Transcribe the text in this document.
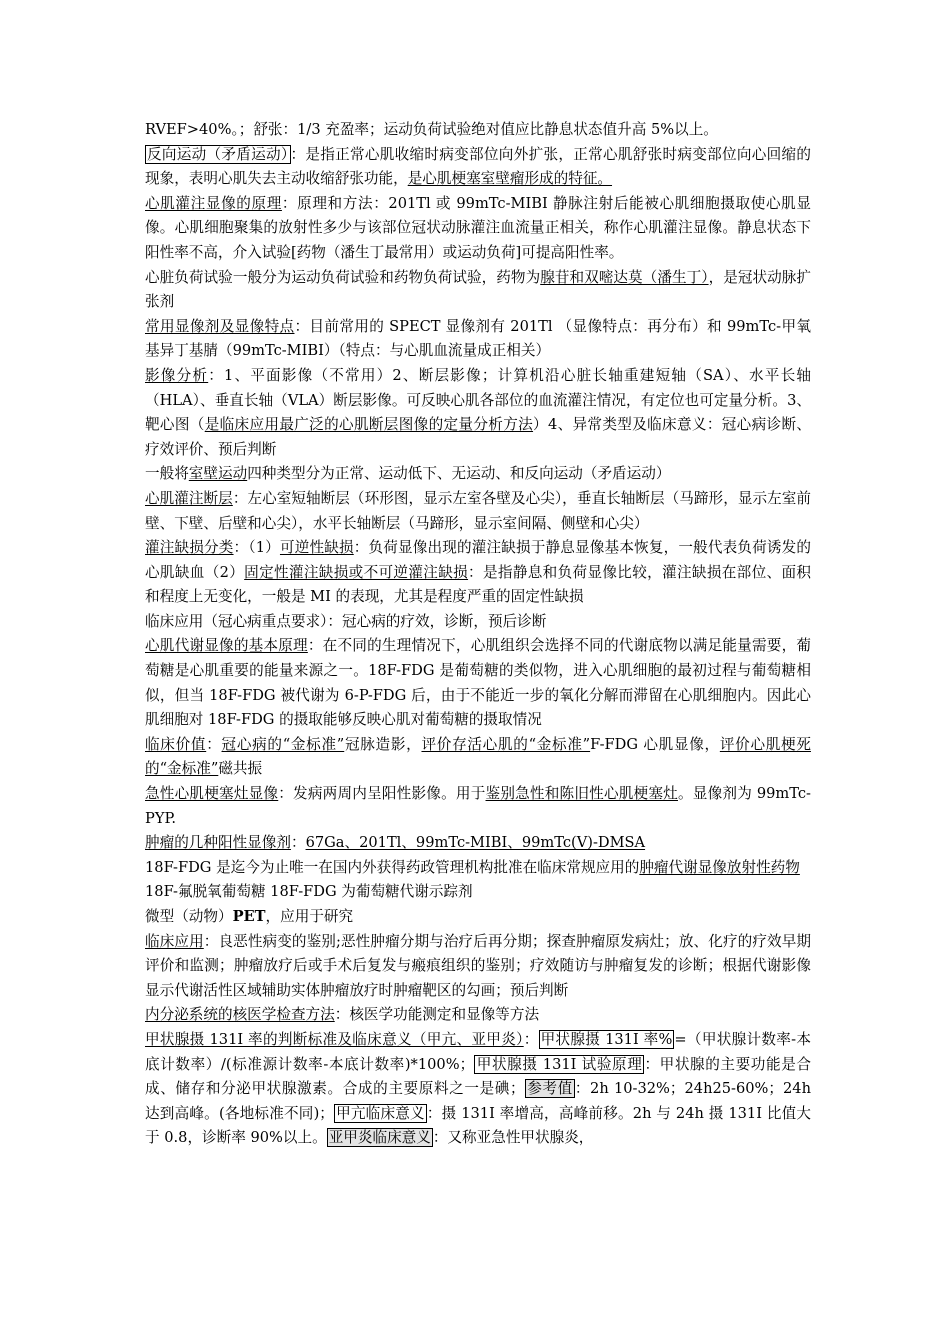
RVEF>40%。；舒张：1/3 充盈率；运动负荷试验绝对值应比静息状态值升高 5%以上。

反向运动（矛盾运动） ：是指正常心肌收缩时病变部位向外扩张，正常心肌舒张时病变部位向心回缩的现象，表明心肌失去主动收缩舒张功能，是心肌梗塞室壁瘤形成的特征。

心肌灌注显像的原理：原理和方法：201Tl 或 99mTc-MIBI 静脉注射后能被心肌细胞摄取使心肌显像。心肌细胞聚集的放射性多少与该部位冠状动脉灌注血流量正相关，称作心肌灌注显像。静息状态下阳性率不高，介入试验[药物（潘生丁最常用）或运动负荷]可提高阳性率。

心脏负荷试验一般分为运动负荷试验和药物负荷试验，药物为腺苷和双嘧达莫（潘生丁），是冠状动脉扩张剂

常用显像剂及显像特点：目前常用的 SPECT 显像剂有 201Tl （显像特点：再分布）和 99mTc-甲氧基异丁基腈（99mTc-MIBI）（特点：与心肌血流量成正相关）

影像分析：1、平面影像（不常用）2、断层影像；计算机沿心脏长轴重建短轴（SA）、水平长轴（HLA）、垂直长轴（VLA）断层影像。可反映心肌各部位的血流灌注情况，有定位也可定量分析。3、靶心图（是临床应用最广泛的心肌断层图像的定量分析方法）4、异常类型及临床意义：冠心病诊断、疗效评价、预后判断

一般将室壁运动四种类型分为正常、运动低下、无运动、和反向运动（矛盾运动）

心肌灌注断层：左心室短轴断层（环形图，显示左室各壁及心尖），垂直长轴断层（马蹄形，显示左室前壁、下壁、后壁和心尖），水平长轴断层（马蹄形，显示室间隔、侧壁和心尖）

灌注缺损分类：（1）可逆性缺损：负荷显像出现的灌注缺损于静息显像基本恢复，一般代表负荷诱发的心肌缺血（2）固定性灌注缺损或不可逆灌注缺损：是指静息和负荷显像比较，灌注缺损在部位、面积和程度上无变化，一般是 MI 的表现，尤其是程度严重的固定性缺损

临床应用（冠心病重点要求）：冠心病的疗效，诊断，预后诊断

心肌代谢显像的基本原理：在不同的生理情况下，心肌组织会选择不同的代谢底物以满足能量需要，葡萄糖是心肌重要的能量来源之一。18F-FDG 是葡萄糖的类似物，进入心肌细胞的最初过程与葡萄糖相似，但当 18F-FDG 被代谢为 6-P-FDG 后，由于不能近一步的氧化分解而滞留在心肌细胞内。因此心肌细胞对 18F-FDG 的摄取能够反映心肌对葡萄糖的摄取情况

临床价值：冠心病的“金标准”冠脉造影，评价存活心肌的“金标准”F-FDG 心肌显像，评价心肌梗死的“金标准”磁共振

急性心肌梗塞灶显像：发病两周内呈阳性影像。用于鉴别急性和陈旧性心肌梗塞灶。显像剂为 99mTc-PYP.

肿瘤的几种阳性显像剂：67Ga、201Tl、99mTc-MIBI、99mTc(V)-DMSA

18F-FDG 是迄今为止唯一在国内外获得药政管理机构批准在临床常规应用的肿瘤代谢显像放射性药物

18F-氟脱氧葡萄糖 18F-FDG 为葡萄糖代谢示踪剂

微型（动物）PET，应用于研究

临床应用：良恶性病变的鉴别;恶性肿瘤分期与治疗后再分期；探查肿瘤原发病灶；放、化疗的疗效早期评价和监测；肿瘤放疗后或手术后复发与瘢痕组织的鉴别；疗效随访与肿瘤复发的诊断；根据代谢影像显示代谢活性区域辅助实体肿瘤放疗时肿瘤靶区的勾画；预后判断

内分泌系统的核医学检查方法：核医学功能测定和显像等方法

甲状腺摄 131I 率的判断标准及临床意义（甲亢、亚甲炎）： 甲状腺摄 131I 率% =（甲状腺计数率-本底计数率）/(标准源计数率-本底计数率)*100%； 甲状腺摄 131I 试验原理 ：甲状腺的主要功能是合成、储存和分泌甲状腺激素。合成的主要原料之一是碘； 参考值 ：2h 10-32%；24h25-60%；24h 达到高峰。(各地标准不同)； 甲亢临床意义 ：摄 131I 率增高，高峰前移。2h 与 24h 摄 131I 比值大于 0.8，诊断率 90%以上。 亚甲炎临床意义 ：又称亚急性甲状腺炎，
